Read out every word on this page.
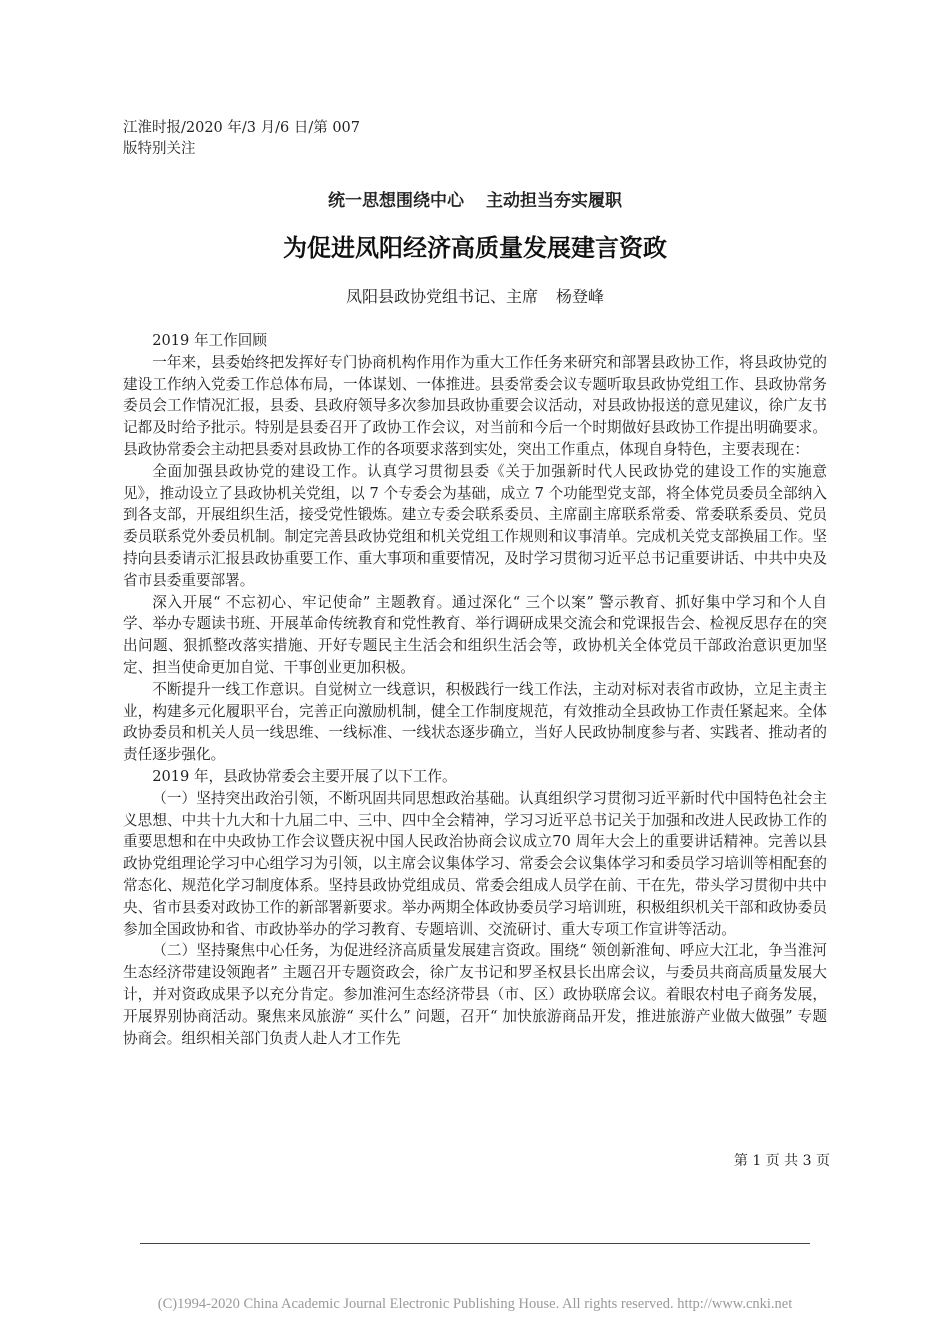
江淮时报/2020 年/3 月/6 日/第 007 版特别关注
统一思想围绕中心 主动担当夯实履职
为促进凤阳经济高质量发展建言资政
凤阳县政协党组书记、主席 杨登峰

2019 年工作回顾

一年来，县委始终把发挥好专门协商机构作用作为重大工作任务来研究和部署县政协工作，将县政协党的建设工作纳入党委工作总体布局，一体谋划、一体推进。县委常委会议专题听取县政协党组工作、县政协常务委员会工作情况汇报，县委、县政府领导多次参加县政协重要会议活动，对县政协报送的意见建议，徐广友书记都及时给予批示。特别是县委召开了政协工作会议，对当前和今后一个时期做好县政协工作提出明确要求。县政协常委会主动把县委对县政协工作的各项要求落到实处，突出工作重点，体现自身特色，主要表现在：

全面加强县政协党的建设工作。认真学习贯彻县委《关于加强新时代人民政协党的建设工作的实施意见》，推动设立了县政协机关党组，以 7 个专委会为基础，成立 7 个功能型党支部，将全体党员委员全部纳入到各支部，开展组织生活，接受党性锻炼。建立专委会联系委员、主席副主席联系常委、常委联系委员、党员委员联系党外委员机制。制定完善县政协党组和机关党组工作规则和议事清单。完成机关党支部换届工作。坚持向县委请示汇报县政协重要工作、重大事项和重要情况，及时学习贯彻习近平总书记重要讲话、中共中央及省市县委重要部署。

深入开展“ 不忘初心、牢记使命” 主题教育。通过深化“ 三个以案” 警示教育、抓好集中学习和个人自学、举办专题读书班、开展革命传统教育和党性教育、举行调研成果交流会和党课报告会、检视反思存在的突出问题、狠抓整改落实措施、开好专题民主生活会和组织生活会等，政协机关全体党员干部政治意识更加坚定、担当使命更加自觉、干事创业更加积极。

不断提升一线工作意识。自觉树立一线意识，积极践行一线工作法，主动对标对表省市政协，立足主责主业，构建多元化履职平台，完善正向激励机制，健全工作制度规范，有效推动全县政协工作责任紧起来。全体政协委员和机关人员一线思维、一线标准、一线状态逐步确立，当好人民政协制度参与者、实践者、推动者的责任逐步强化。

2019 年，县政协常委会主要开展了以下工作。

（一）坚持突出政治引领，不断巩固共同思想政治基础。认真组织学习贯彻习近平新时代中国特色社会主义思想、中共十九大和十九届二中、三中、四中全会精神，学习习近平总书记关于加强和改进人民政协工作的重要思想和在中央政协工作会议暨庆祝中国人民政治协商会议成立70 周年大会上的重要讲话精神。完善以县政协党组理论学习中心组学习为引领，以主席会议集体学习、常委会会议集体学习和委员学习培训等相配套的常态化、规范化学习制度体系。坚持县政协党组成员、常委会组成人员学在前、干在先，带头学习贯彻中共中央、省市县委对政协工作的新部署新要求。举办两期全体政协委员学习培训班，积极组织机关干部和政协委员参加全国政协和省、市政协举办的学习教育、专题培训、交流研讨、重大专项工作宣讲等活动。

（二）坚持聚焦中心任务，为促进经济高质量发展建言资政。围绕“ 领创新淮甸、呼应大江北，争当淮河生态经济带建设领跑者” 主题召开专题资政会，徐广友书记和罗圣权县长出席会议，与委员共商高质量发展大计，并对资政成果予以充分肯定。参加淮河生态经济带县（市、区）政协联席会议。着眼农村电子商务发展，开展界别协商活动。聚焦来凤旅游“ 买什么” 问题，召开“ 加快旅游商品开发，推进旅游产业做大做强” 专题协商会。组织相关部门负责人赴人才工作先

第 1 页 共 3 页
(C)1994-2020 China Academic Journal Electronic Publishing House. All rights reserved. http://www.cnki.net
